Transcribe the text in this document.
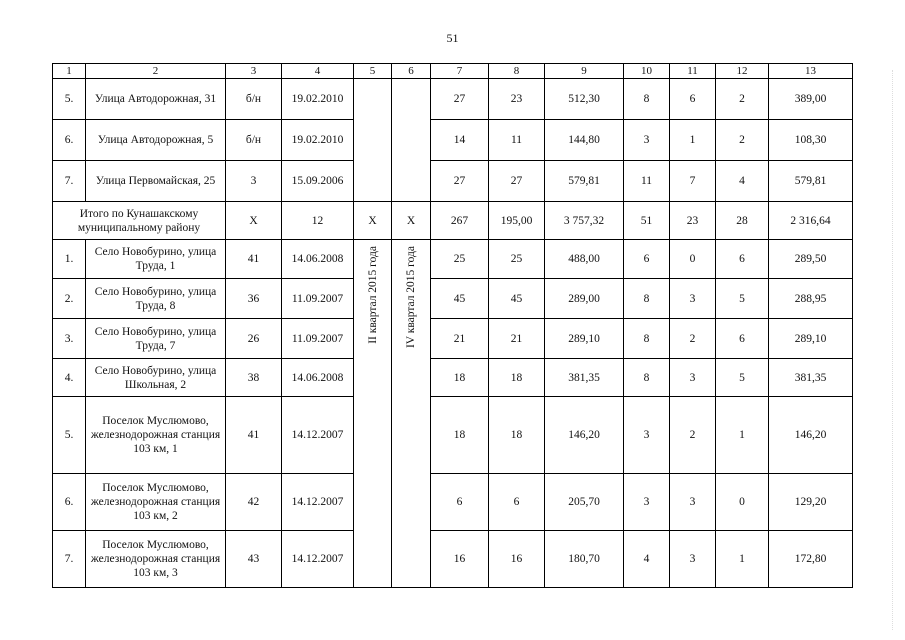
51
1	2	3	4	5	6	7	8	9	10	11	12	13
5.	Улица Автодорожная, 31	б/н	19.02.2010			27	23	512,30	8	6	2	389,00
6.	Улица Автодорожная, 5	б/н	19.02.2010			14	11	144,80	3	1	2	108,30
7.	Улица Первомайская, 25	3	15.09.2006			27	27	579,81	11	7	4	579,81
Итого по Кунашакскому муниципальному району		X	12	X	X	267	195,00	3 757,32	51	23	28	2 316,64
1.	Село Новобурино, улица Труда, 1	41	14.06.2008	II квартал 2015 года	IV квартал 2015 года	25	25	488,00	6	0	6	289,50
2.	Село Новобурино, улица Труда, 8	36	11.09.2007			45	45	289,00	8	3	5	288,95
3.	Село Новобурино, улица Труда, 7	26	11.09.2007			21	21	289,10	8	2	6	289,10
4.	Село Новобурино, улица Школьная, 2	38	14.06.2008			18	18	381,35	8	3	5	381,35
5.	Поселок Муслюмово, железнодорожная станция 103 км, 1	41	14.12.2007			18	18	146,20	3	2	1	146,20
6.	Поселок Муслюмово, железнодорожная станция 103 км, 2	42	14.12.2007			6	6	205,70	3	3	0	129,20
7.	Поселок Муслюмово, железнодорожная станция 103 км, 3	43	14.12.2007			16	16	180,70	4	3	1	172,80
